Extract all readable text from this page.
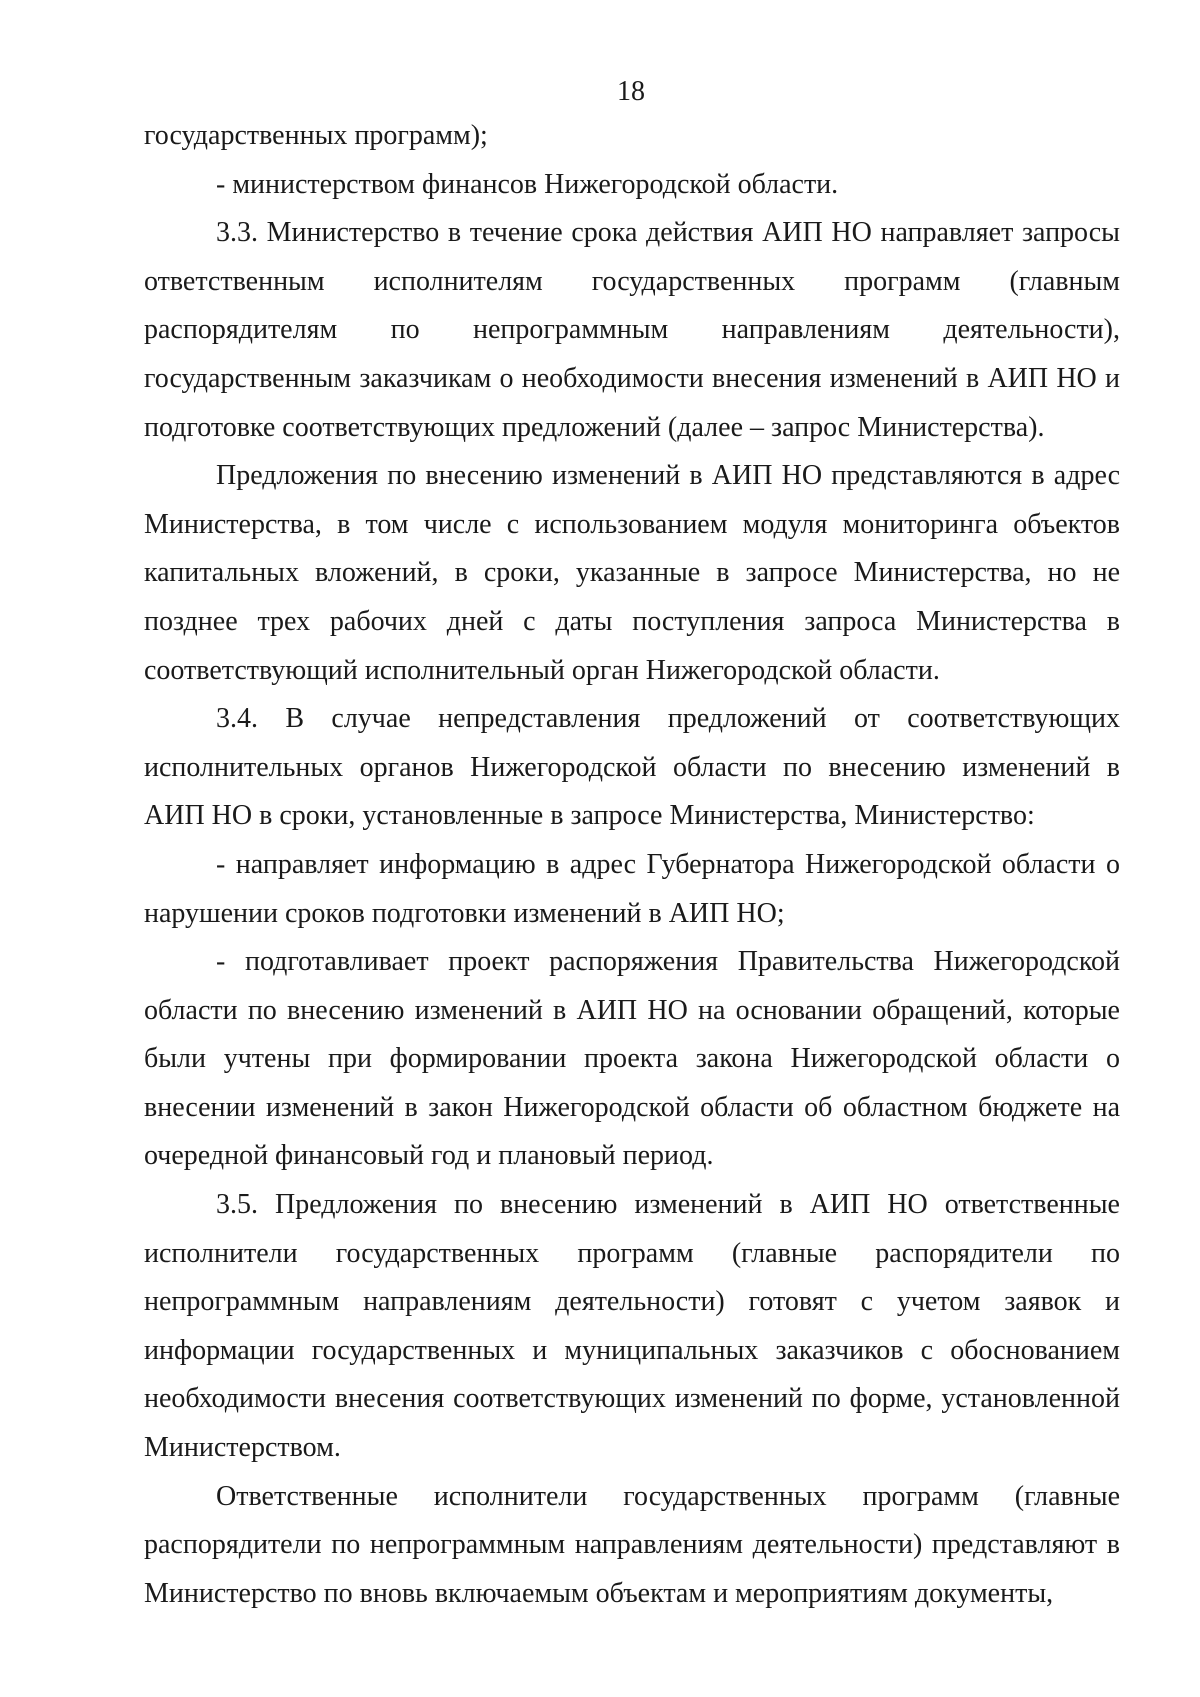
18

государственных программ);

- министерством финансов Нижегородской области.

3.3. Министерство в течение срока действия АИП НО направляет запросы ответственным исполнителям государственных программ (главным распорядителям по непрограммным направлениям деятельности), государственным заказчикам о необходимости внесения изменений в АИП НО и подготовке соответствующих предложений (далее – запрос Министерства).

Предложения по внесению изменений в АИП НО представляются в адрес Министерства, в том числе с использованием модуля мониторинга объектов капитальных вложений, в сроки, указанные в запросе Министерства, но не позднее трех рабочих дней с даты поступления запроса Министерства в соответствующий исполнительный орган Нижегородской области.

3.4. В случае непредставления предложений от соответствующих исполнительных органов Нижегородской области по внесению изменений в АИП НО в сроки, установленные в запросе Министерства, Министерство:

- направляет информацию в адрес Губернатора Нижегородской области о нарушении сроков подготовки изменений в АИП НО;

- подготавливает проект распоряжения Правительства Нижегородской области по внесению изменений в АИП НО на основании обращений, которые были учтены при формировании проекта закона Нижегородской области о внесении изменений в закон Нижегородской области об областном бюджете на очередной финансовый год и плановый период.

3.5. Предложения по внесению изменений в АИП НО ответственные исполнители государственных программ (главные распорядители по непрограммным направлениям деятельности) готовят с учетом заявок и информации государственных и муниципальных заказчиков с обоснованием необходимости внесения соответствующих изменений по форме, установленной Министерством.

Ответственные исполнители государственных программ (главные распорядители по непрограммным направлениям деятельности) представляют в Министерство по вновь включаемым объектам и мероприятиям документы,
